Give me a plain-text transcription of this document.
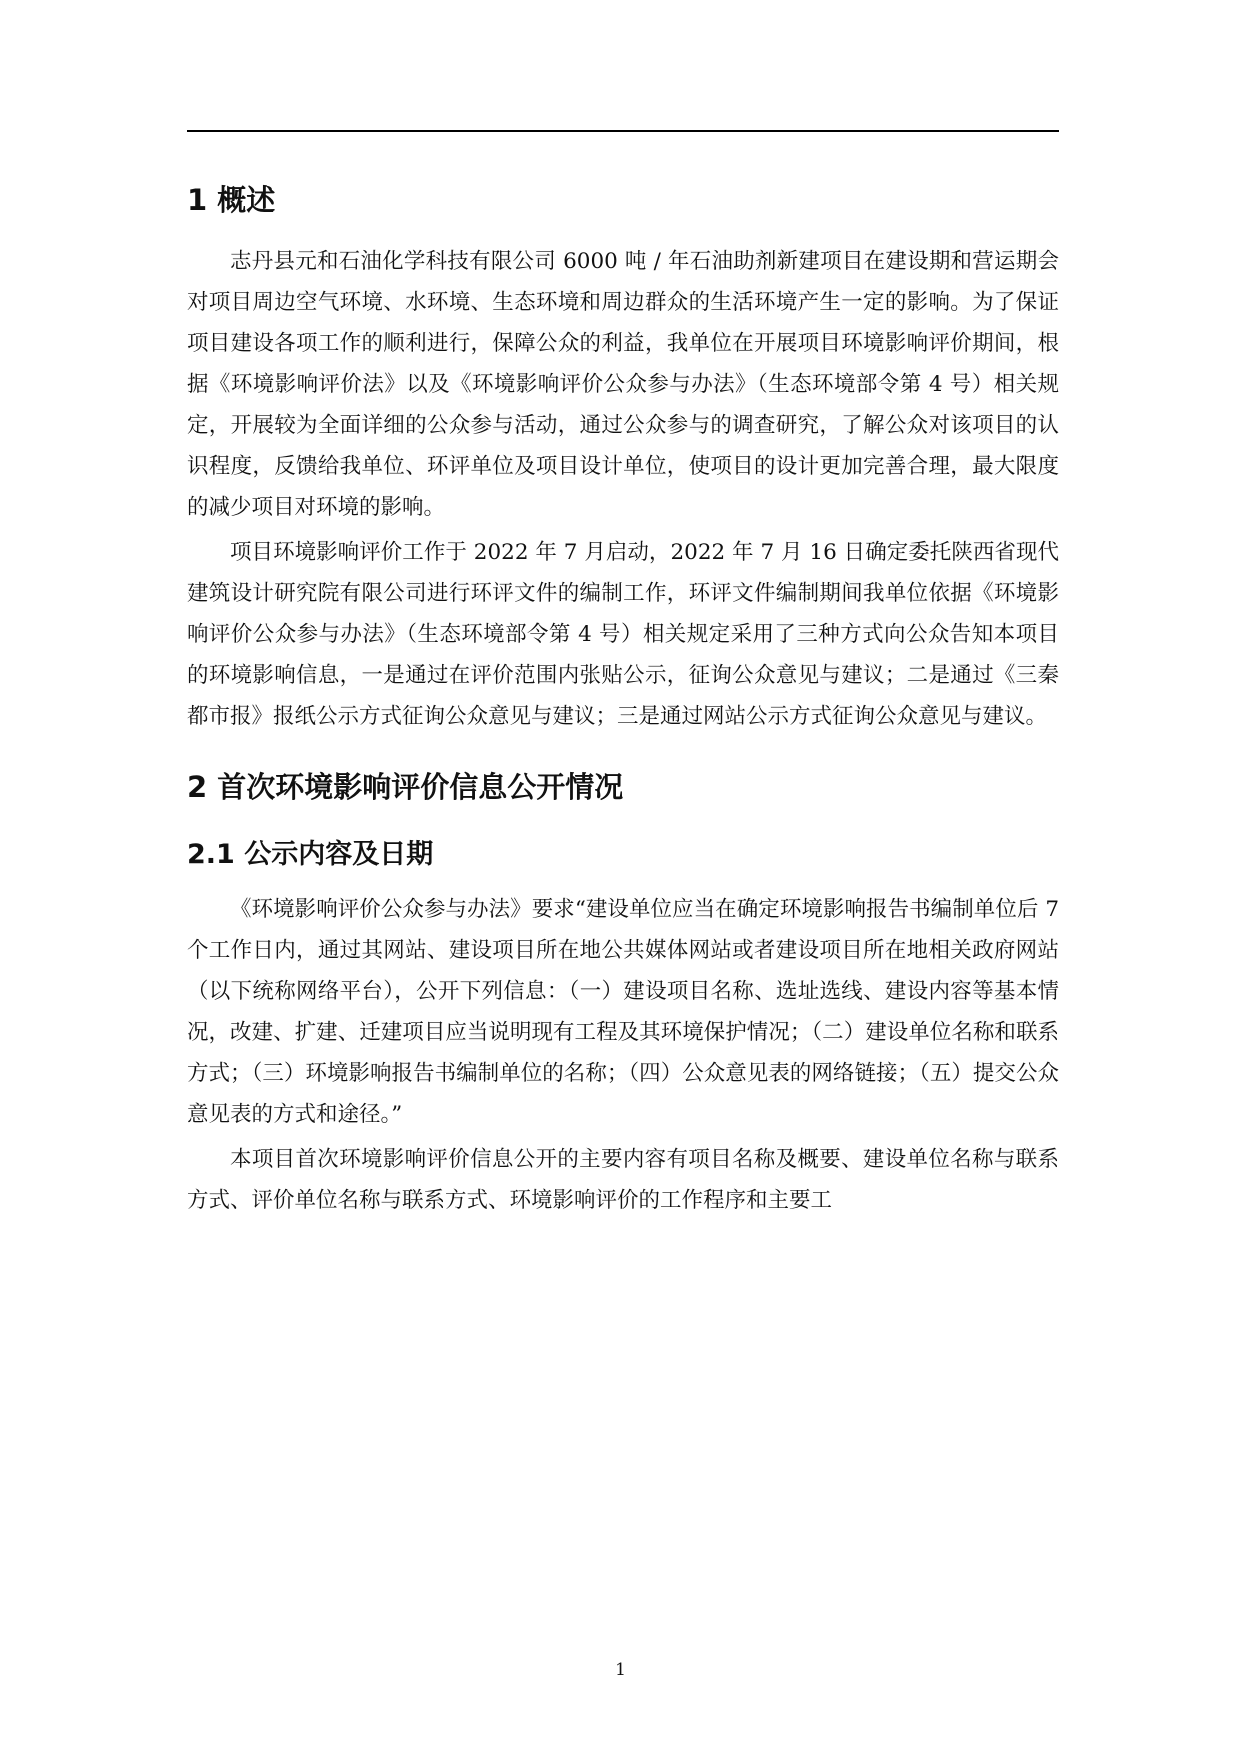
1 概述

志丹县元和石油化学科技有限公司 6000 吨 / 年石油助剂新建项目在建设期和营运期会对项目周边空气环境、水环境、生态环境和周边群众的生活环境产生一定的影响。为了保证项目建设各项工作的顺利进行，保障公众的利益，我单位在开展项目环境影响评价期间，根据《环境影响评价法》以及《环境影响评价公众参与办法》（生态环境部令第 4 号）相关规定，开展较为全面详细的公众参与活动，通过公众参与的调查研究，了解公众对该项目的认识程度，反馈给我单位、环评单位及项目设计单位，使项目的设计更加完善合理，最大限度的减少项目对环境的影响。

项目环境影响评价工作于 2022 年 7 月启动，2022 年 7 月 16 日确定委托陕西省现代建筑设计研究院有限公司进行环评文件的编制工作，环评文件编制期间我单位依据《环境影响评价公众参与办法》（生态环境部令第 4 号）相关规定采用了三种方式向公众告知本项目的环境影响信息，一是通过在评价范围内张贴公示，征询公众意见与建议；二是通过《三秦都市报》报纸公示方式征询公众意见与建议；三是通过网站公示方式征询公众意见与建议。

2 首次环境影响评价信息公开情况
2.1 公示内容及日期

《环境影响评价公众参与办法》要求“建设单位应当在确定环境影响报告书编制单位后 7 个工作日内，通过其网站、建设项目所在地公共媒体网站或者建设项目所在地相关政府网站（以下统称网络平台），公开下列信息：（一）建设项目名称、选址选线、建设内容等基本情况，改建、扩建、迁建项目应当说明现有工程及其环境保护情况；（二）建设单位名称和联系方式；（三）环境影响报告书编制单位的名称；（四）公众意见表的网络链接；（五）提交公众意见表的方式和途径。”

本项目首次环境影响评价信息公开的主要内容有项目名称及概要、建设单位名称与联系方式、评价单位名称与联系方式、环境影响评价的工作程序和主要工

1
